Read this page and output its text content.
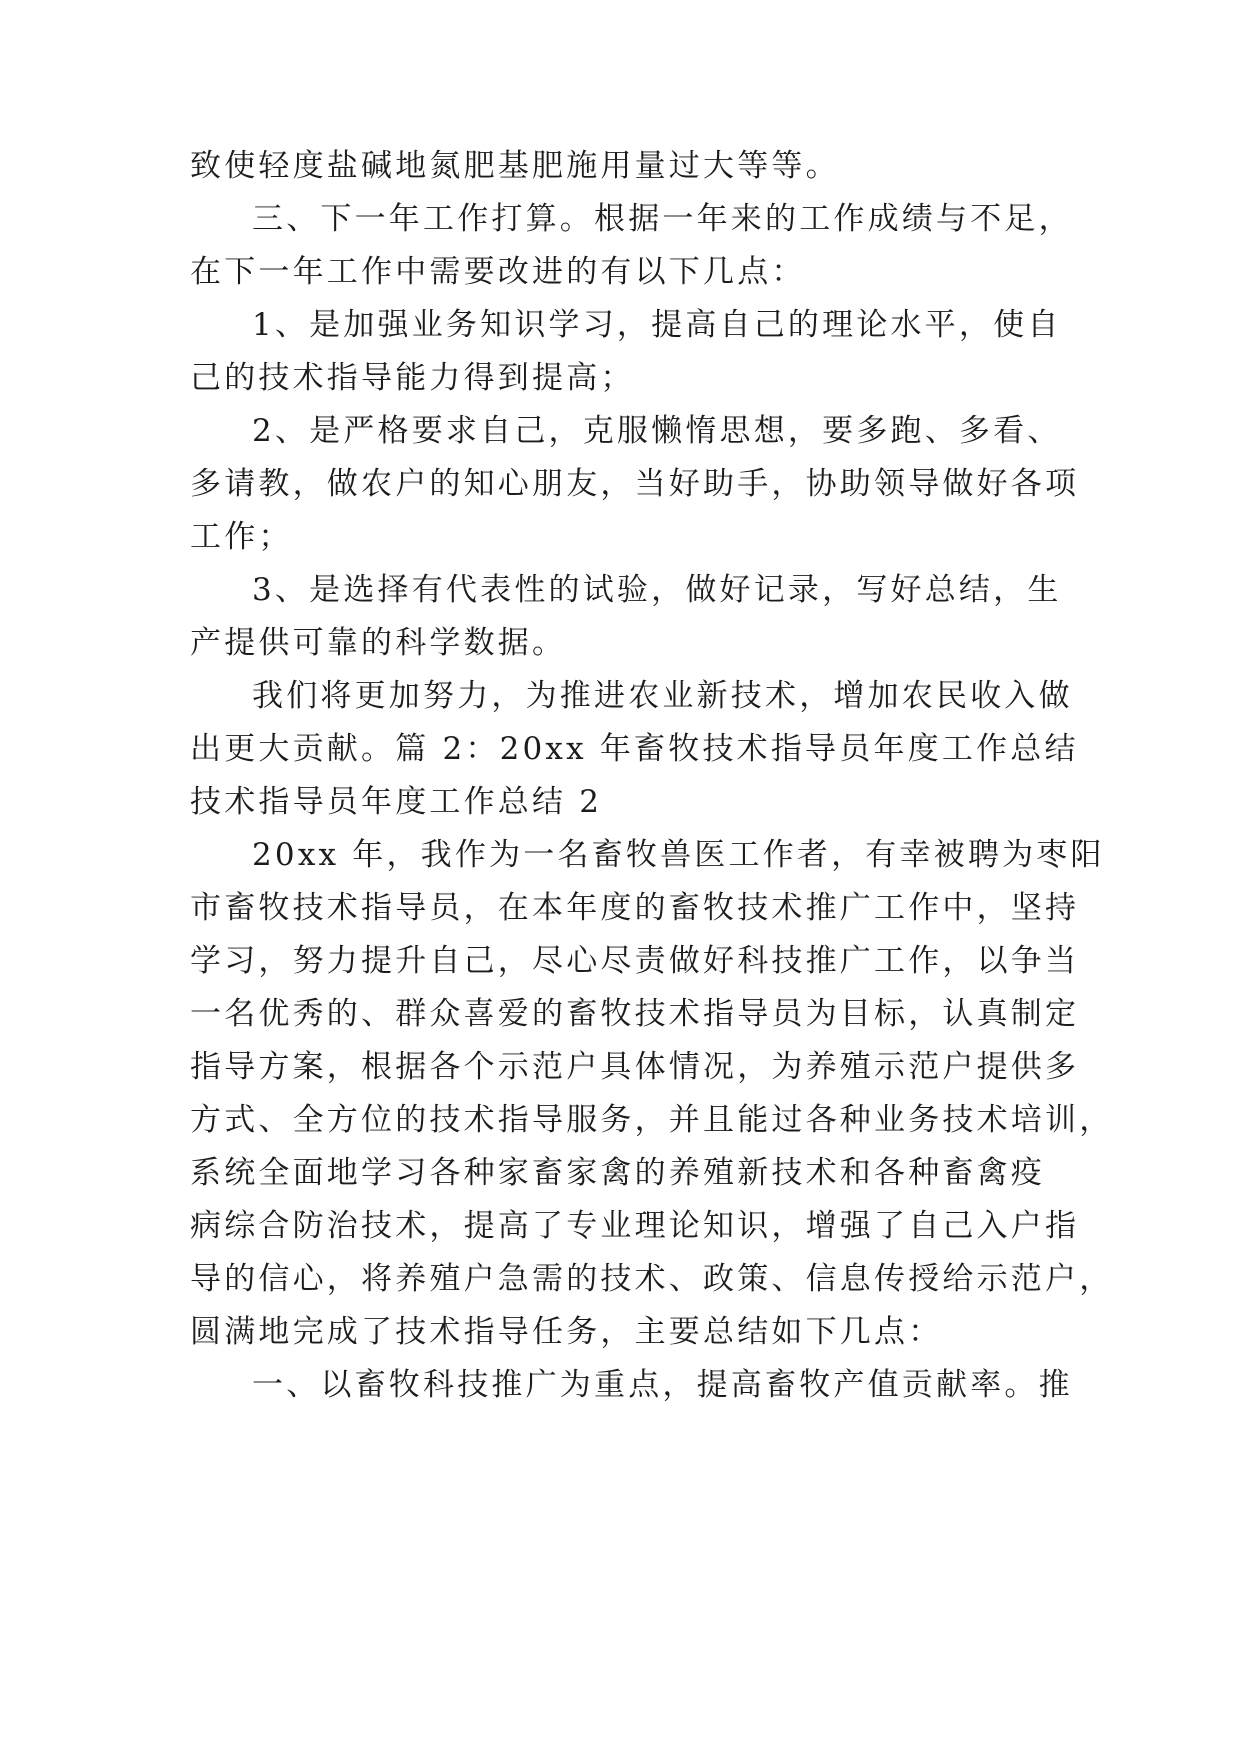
致使轻度盐碱地氮肥基肥施用量过大等等。
三、下一年工作打算。根据一年来的工作成绩与不足，
在下一年工作中需要改进的有以下几点：
1、是加强业务知识学习，提高自己的理论水平，使自
己的技术指导能力得到提高；
2、是严格要求自己，克服懒惰思想，要多跑、多看、
多请教，做农户的知心朋友，当好助手，协助领导做好各项
工作；
3、是选择有代表性的试验，做好记录，写好总结，生
产提供可靠的科学数据。
我们将更加努力，为推进农业新技术，增加农民收入做
出更大贡献。篇 2：20xx 年畜牧技术指导员年度工作总结
技术指导员年度工作总结 2
20xx 年，我作为一名畜牧兽医工作者，有幸被聘为枣阳
市畜牧技术指导员，在本年度的畜牧技术推广工作中，坚持
学习，努力提升自己，尽心尽责做好科技推广工作，以争当
一名优秀的、群众喜爱的畜牧技术指导员为目标，认真制定
指导方案，根据各个示范户具体情况，为养殖示范户提供多
方式、全方位的技术指导服务，并且能过各种业务技术培训，
系统全面地学习各种家畜家禽的养殖新技术和各种畜禽疫
病综合防治技术，提高了专业理论知识，增强了自己入户指
导的信心，将养殖户急需的技术、政策、信息传授给示范户，
圆满地完成了技术指导任务，主要总结如下几点：
一、以畜牧科技推广为重点，提高畜牧产值贡献率。推
